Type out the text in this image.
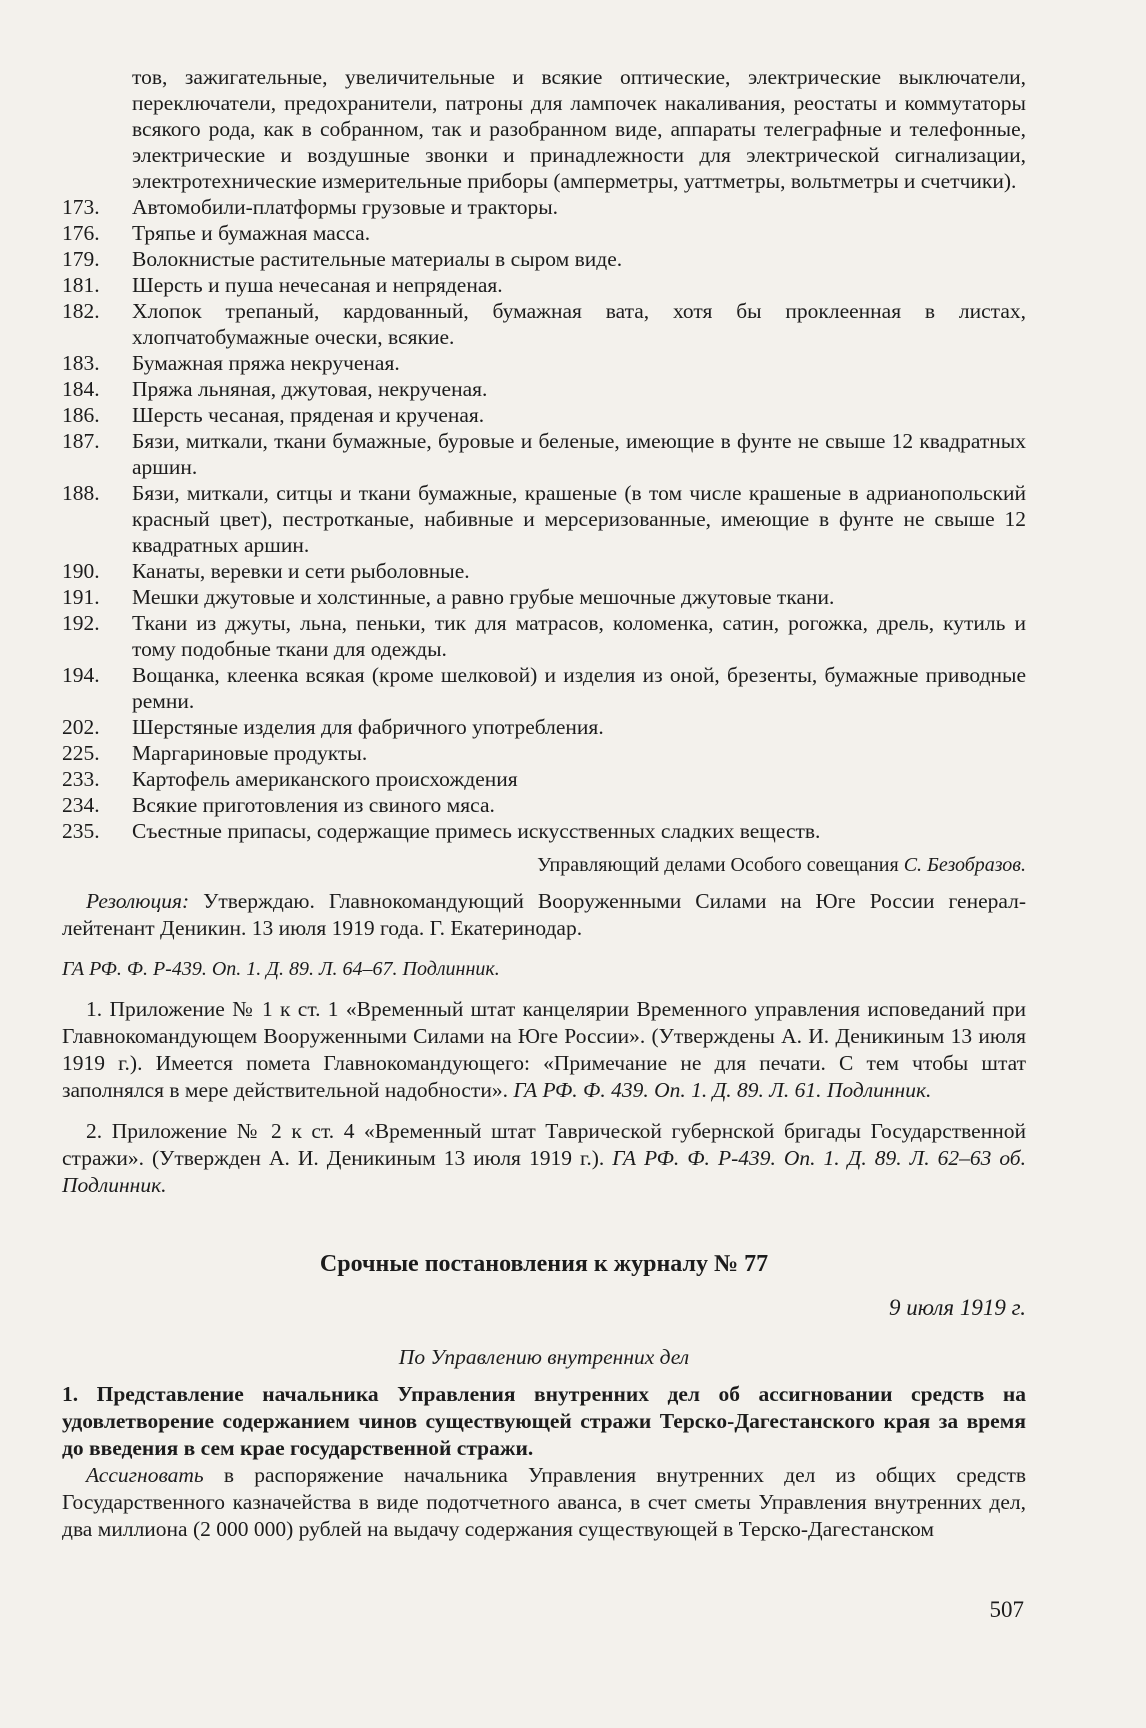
тов, зажигательные, увеличительные и всякие оптические, электрические выключатели, переключатели, предохранители, патроны для лампочек накаливания, реостаты и коммутаторы всякого рода, как в собранном, так и разобранном виде, аппараты телеграфные и телефонные, электрические и воздушные звонки и принадлежности для электрической сигнализации, электротехнические измерительные приборы (амперметры, уаттметры, вольтметры и счетчики).

173.	Автомобили-платформы грузовые и тракторы.
176.	Тряпье и бумажная масса.
179.	Волокнистые растительные материалы в сыром виде.
181.	Шерсть и пуша нечесаная и непряденая.
182.	Хлопок трепаный, кардованный, бумажная вата, хотя бы проклеенная в листах, хлопчатобумажные очески, всякие.
183.	Бумажная пряжа некрученая.
184.	Пряжа льняная, джутовая, некрученая.
186.	Шерсть чесаная, пряденая и крученая.
187.	Бязи, миткали, ткани бумажные, буровые и беленые, имеющие в фунте не свыше 12 квадратных аршин.
188.	Бязи, миткали, ситцы и ткани бумажные, крашеные (в том числе крашеные в адрианопольский красный цвет), пестротканые, набивные и мерсеризованные, имеющие в фунте не свыше 12 квадратных аршин.
190.	Канаты, веревки и сети рыболовные.
191.	Мешки джутовые и холстинные, а равно грубые мешочные джутовые ткани.
192.	Ткани из джуты, льна, пеньки, тик для матрасов, коломенка, сатин, рогожка, дрель, кутиль и тому подобные ткани для одежды.
194.	Вощанка, клеенка всякая (кроме шелковой) и изделия из оной, брезенты, бумажные приводные ремни.
202.	Шерстяные изделия для фабричного употребления.
225.	Маргариновые продукты.
233.	Картофель американского происхождения
234.	Всякие приготовления из свиного мяса.
235.	Съестные припасы, содержащие примесь искусственных сладких веществ.

Управляющий делами Особого совещания С. Безобразов.

Резолюция: Утверждаю. Главнокомандующий Вооруженными Силами на Юге России генерал-лейтенант Деникин. 13 июля 1919 года. Г. Екатеринодар.

ГА РФ. Ф. Р-439. Оп. 1. Д. 89. Л. 64–67. Подлинник.

1. Приложение № 1 к ст. 1 «Временный штат канцелярии Временного управления исповеданий при Главнокомандующем Вооруженными Силами на Юге России». (Утверждены А. И. Деникиным 13 июля 1919 г.). Имеется помета Главнокомандующего: «Примечание не для печати. С тем чтобы штат заполнялся в мере действительной надобности». ГА РФ. Ф. 439. Оп. 1. Д. 89. Л. 61. Подлинник.

2. Приложение № 2 к ст. 4 «Временный штат Таврической губернской бригады Государственной стражи». (Утвержден А. И. Деникиным 13 июля 1919 г.). ГА РФ. Ф. Р-439. Оп. 1. Д. 89. Л. 62–63 об. Подлинник.

Срочные постановления к журналу № 77

9 июля 1919 г.

По Управлению внутренних дел

1. Представление начальника Управления внутренних дел об ассигновании средств на удовлетворение содержанием чинов существующей стражи Терско-Дагестанского края за время до введения в сем крае государственной стражи.

Ассигновать в распоряжение начальника Управления внутренних дел из общих средств Государственного казначейства в виде подотчетного аванса, в счет сметы Управления внутренних дел, два миллиона (2 000 000) рублей на выдачу содержания существующей в Терско-Дагестанском

507
